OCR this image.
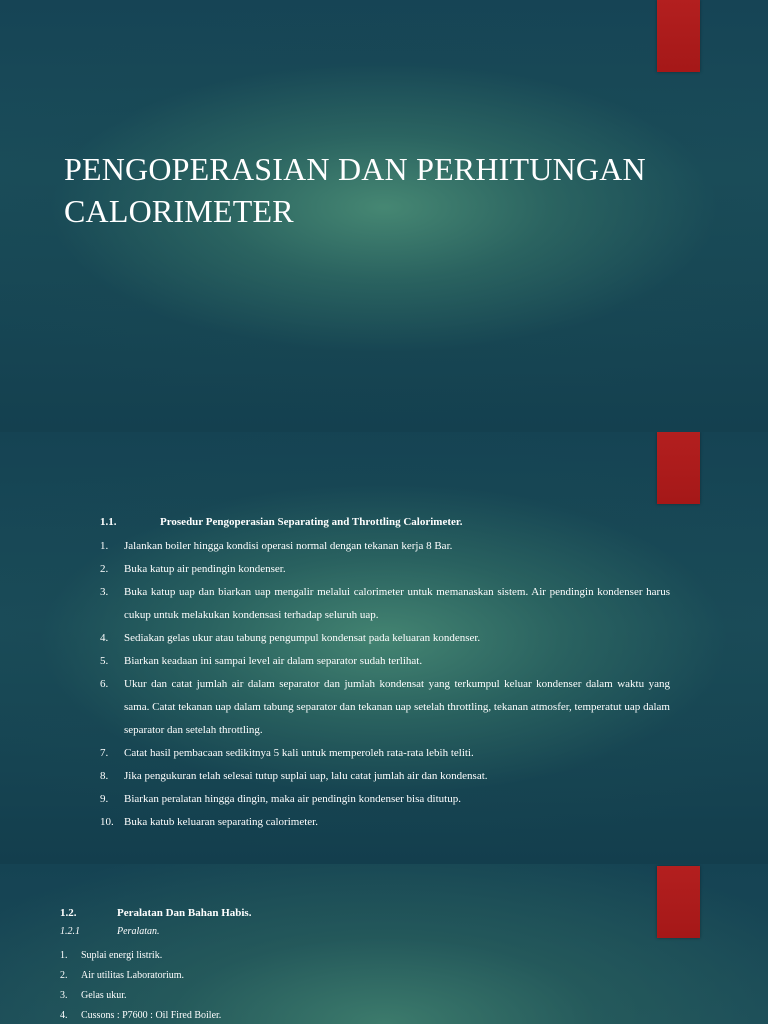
PENGOPERASIAN DAN PERHITUNGAN
CALORIMETER
1.1.	Prosedur Pengoperasian Separating and Throttling Calorimeter.
1. Jalankan boiler hingga kondisi operasi normal dengan tekanan kerja 8 Bar.
2. Buka katup air pendingin kondenser.
3. Buka katup uap dan biarkan uap mengalir melalui calorimeter untuk memanaskan sistem. Air pendingin kondenser harus cukup untuk melakukan kondensasi terhadap seluruh uap.
4. Sediakan gelas ukur atau tabung pengumpul kondensat pada keluaran kondenser.
5. Biarkan keadaan ini sampai level air dalam separator sudah terlihat.
6. Ukur dan catat jumlah air dalam separator dan jumlah kondensat yang terkumpul keluar kondenser dalam waktu yang sama. Catat tekanan uap dalam tabung separator dan tekanan uap setelah throttling, tekanan atmosfer, temperatut uap dalam separator dan setelah throttling.
7. Catat hasil pembacaan sedikitnya 5 kali untuk memperoleh rata-rata lebih teliti.
8. Jika pengukuran telah selesai tutup suplai uap, lalu catat jumlah air dan kondensat.
9. Biarkan peralatan hingga dingin, maka air pendingin kondenser bisa ditutup.
10. Buka katub keluaran separating calorimeter.
1.2.	Peralatan Dan Bahan Habis.
1.2.1	Peralatan.
1. Suplai energi listrik.
2. Air utilitas Laboratorium.
3. Gelas ukur.
4. Cussons : P7600 : Oil Fired Boiler.
